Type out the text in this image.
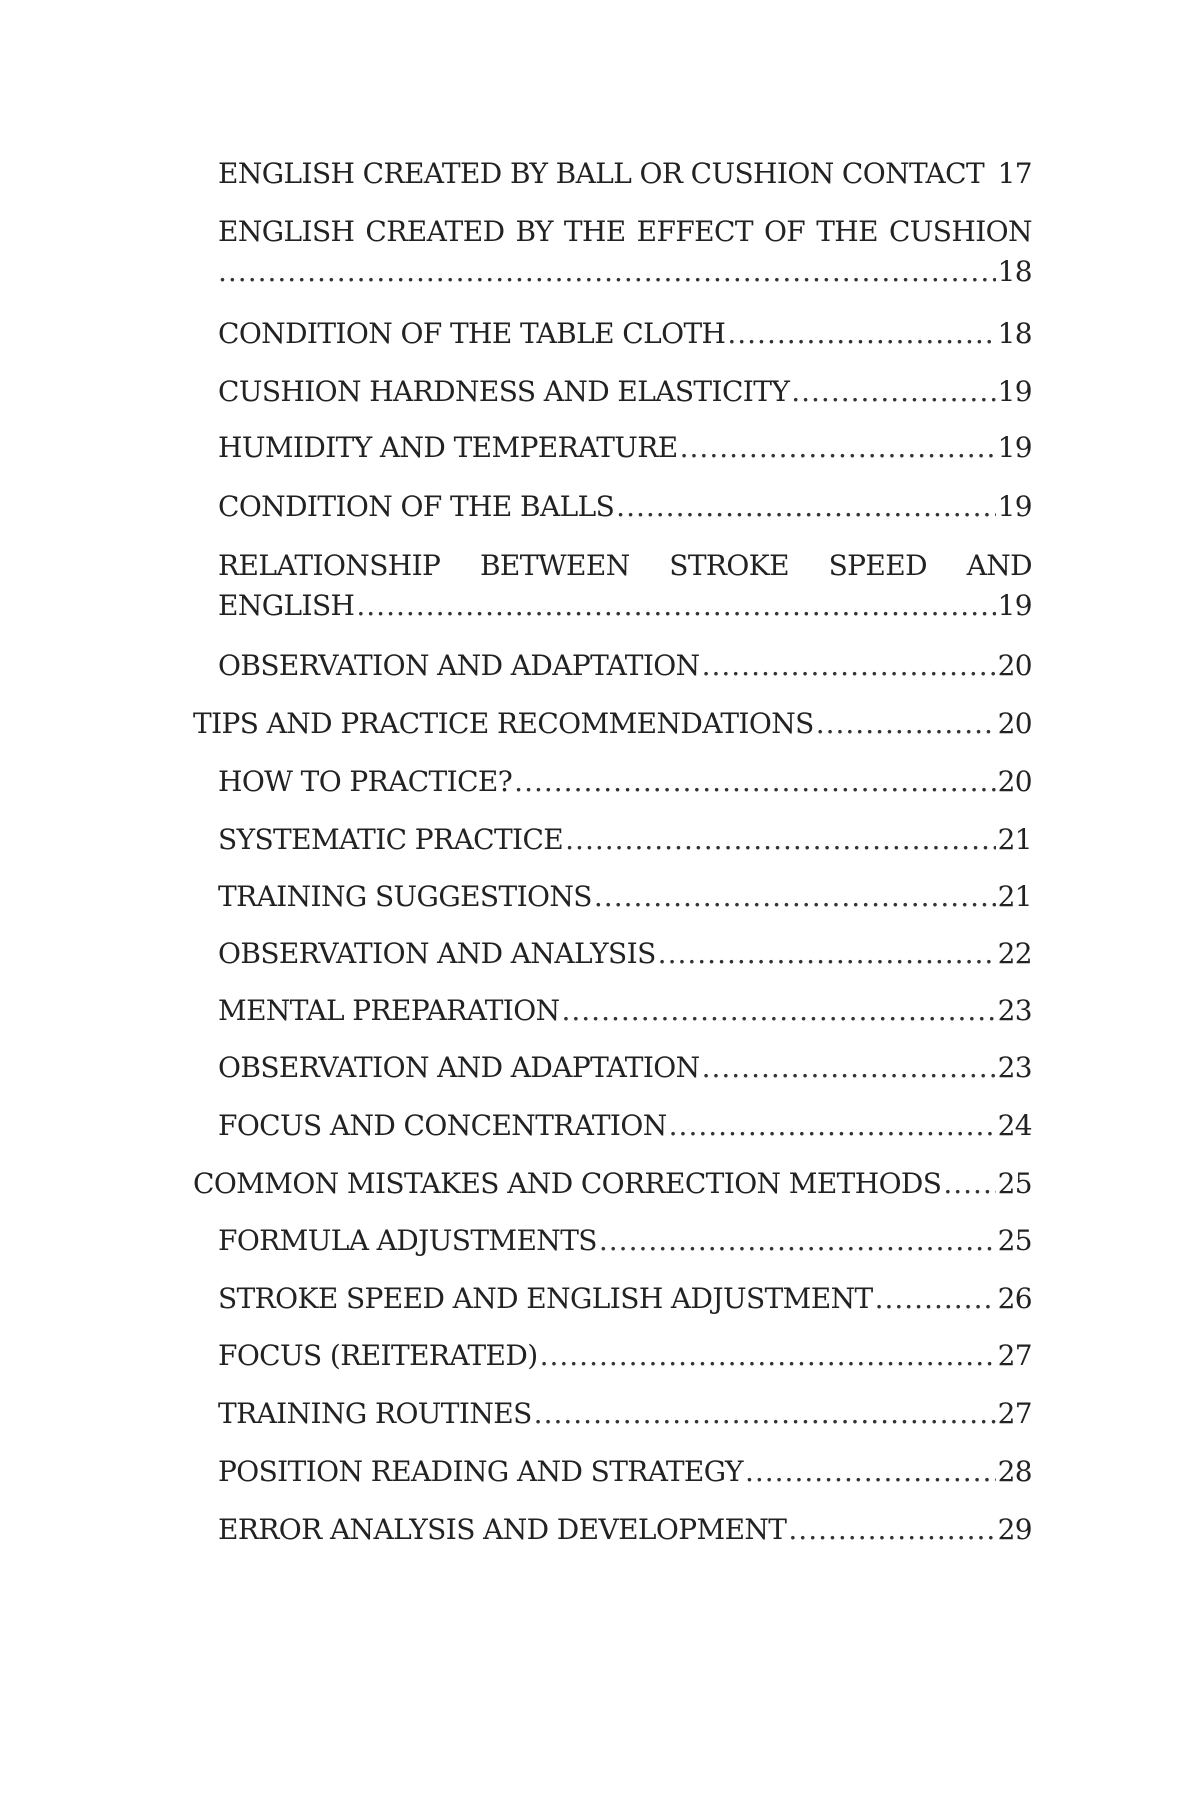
ENGLISH CREATED BY BALL OR CUSHION CONTACT 17
ENGLISH CREATED BY THE EFFECT OF THE CUSHION
.....
18
CONDITION OF THE TABLE CLOTH .....	18
CUSHION HARDNESS AND ELASTICITY .....	19
HUMIDITY AND TEMPERATURE .....	19
CONDITION OF THE BALLS .....	19
RELATIONSHIP BETWEEN STROKE SPEED AND
ENGLISH .....	19
OBSERVATION AND ADAPTATION .....	20
TIPS AND PRACTICE RECOMMENDATIONS .....	20
HOW TO PRACTICE? .....	20
SYSTEMATIC PRACTICE .....	21
TRAINING SUGGESTIONS .....	21
OBSERVATION AND ANALYSIS .....	22
MENTAL PREPARATION .....	23
OBSERVATION AND ADAPTATION .....	23
FOCUS AND CONCENTRATION .....	24
COMMON MISTAKES AND CORRECTION METHODS ..... 25
FORMULA ADJUSTMENTS .....	25
STROKE SPEED AND ENGLISH ADJUSTMENT .....	26
FOCUS (REITERATED) .....	27
TRAINING ROUTINES .....	27
POSITION READING AND STRATEGY .....	28
ERROR ANALYSIS AND DEVELOPMENT .....	29
